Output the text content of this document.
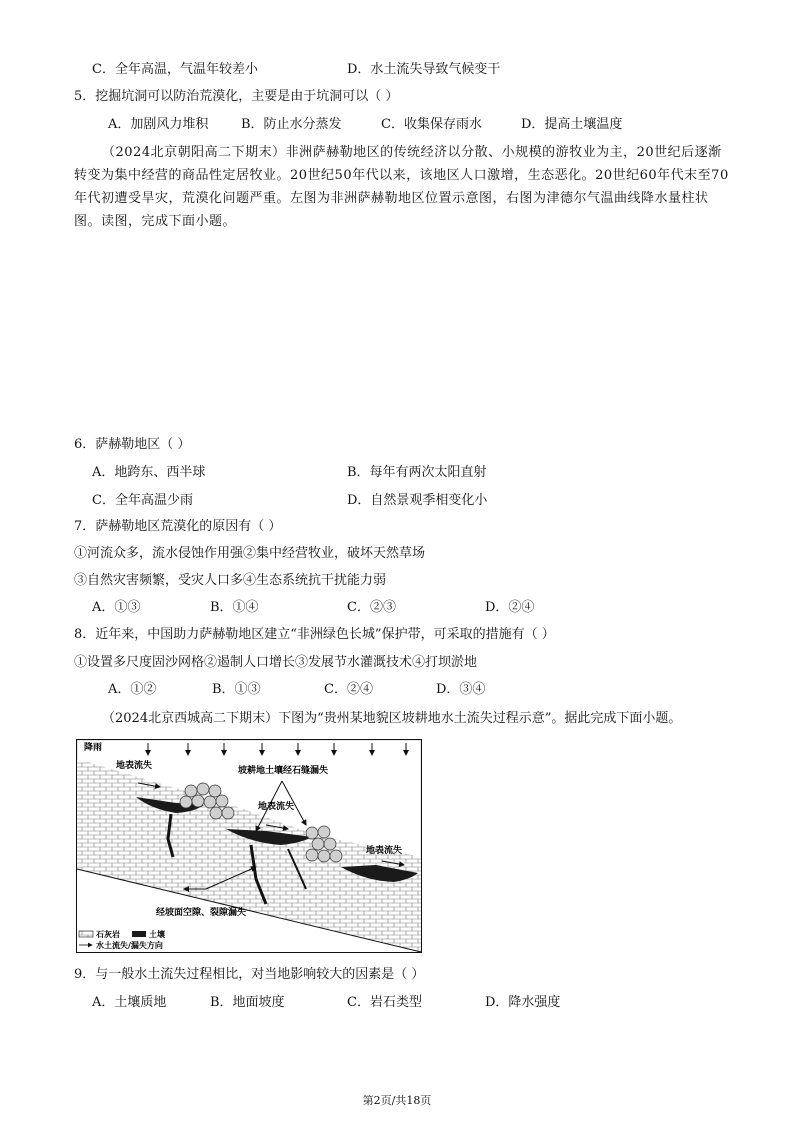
C．全年高温，气温年较差小	D．水土流失导致气候变干
5．挖掘坑洞可以防治荒漠化，主要是由于坑洞可以（ ）
A．加剧风力堆积	B．防止水分蒸发	C．收集保存雨水	D．提高土壤温度
（2024北京朝阳高二下期末）非洲萨赫勒地区的传统经济以分散、小规模的游牧业为主，20世纪后逐渐转变为集中经营的商品性定居牧业。20世纪50年代以来，该地区人口激增，生态恶化。20世纪60年代末至70年代初遭受旱灾，荒漠化问题严重。左图为非洲萨赫勒地区位置示意图，右图为津德尔气温曲线降水量柱状图。读图，完成下面小题。
6．萨赫勒地区（ ）
A．地跨东、西半球	B．每年有两次太阳直射
C．全年高温少雨	D．自然景观季相变化小
7．萨赫勒地区荒漠化的原因有（ ）
①河流众多，流水侵蚀作用强②集中经营牧业，破坏天然草场
③自然灾害频繁，受灾人口多④生态系统抗干扰能力弱
A．①③	B．①④	C．②③	D．②④
8．近年来，中国助力萨赫勒地区建立“非洲绿色长城”保护带，可采取的措施有（ ）
①设置多尺度固沙网格②遏制人口增长③发展节水灌溉技术④打坝淤地
A．①②	B．①③	C．②④	D．③④
（2024北京西城高二下期末）下图为“贵州某地貌区坡耕地水土流失过程示意”。据此完成下面小题。
降雨
地表流失	坡耕地土壤经石缝漏失
地表流失
地表流失
经坡面空隙、裂隙漏失
石灰岩	土壤
水土流失/漏失方向
9．与一般水土流失过程相比，对当地影响较大的因素是（ ）
A．土壤质地	B．地面坡度	C．岩石类型	D．降水强度
第2页/共18页
